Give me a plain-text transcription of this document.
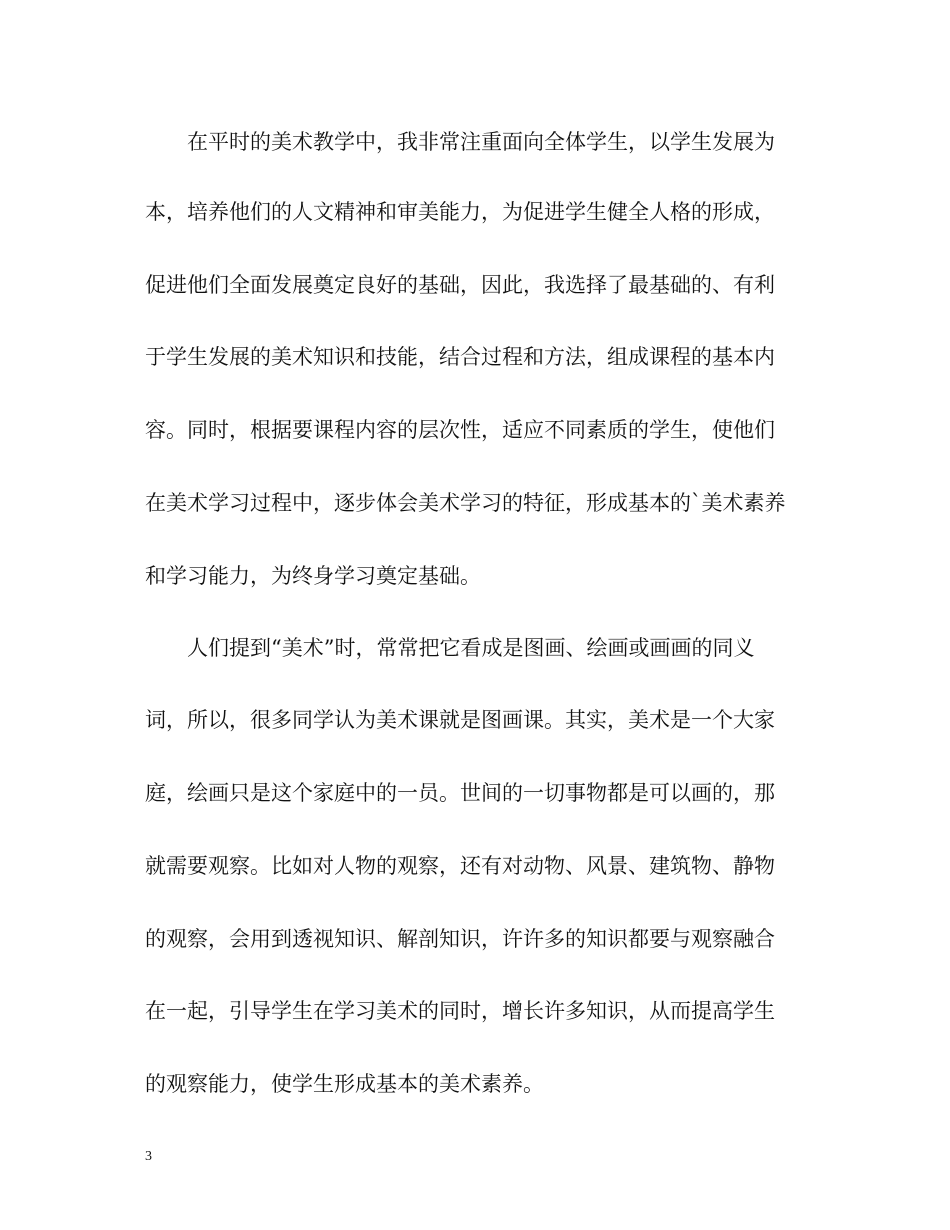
在平时的美术教学中，我非常注重面向全体学生，以学生发展为
本，培养他们的人文精神和审美能力，为促进学生健全人格的形成，
促进他们全面发展奠定良好的基础，因此，我选择了最基础的、有利
于学生发展的美术知识和技能，结合过程和方法，组成课程的基本内
容。同时，根据要课程内容的层次性，适应不同素质的学生，使他们
在美术学习过程中，逐步体会美术学习的特征，形成基本的`美术素养
和学习能力，为终身学习奠定基础。
人们提到“美术”时，常常把它看成是图画、绘画或画画的同义
词，所以，很多同学认为美术课就是图画课。其实，美术是一个大家
庭，绘画只是这个家庭中的一员。世间的一切事物都是可以画的，那
就需要观察。比如对人物的观察，还有对动物、风景、建筑物、静物
的观察，会用到透视知识、解剖知识，许许多的知识都要与观察融合
在一起，引导学生在学习美术的同时，增长许多知识，从而提高学生
的观察能力，使学生形成基本的美术素养。
3
